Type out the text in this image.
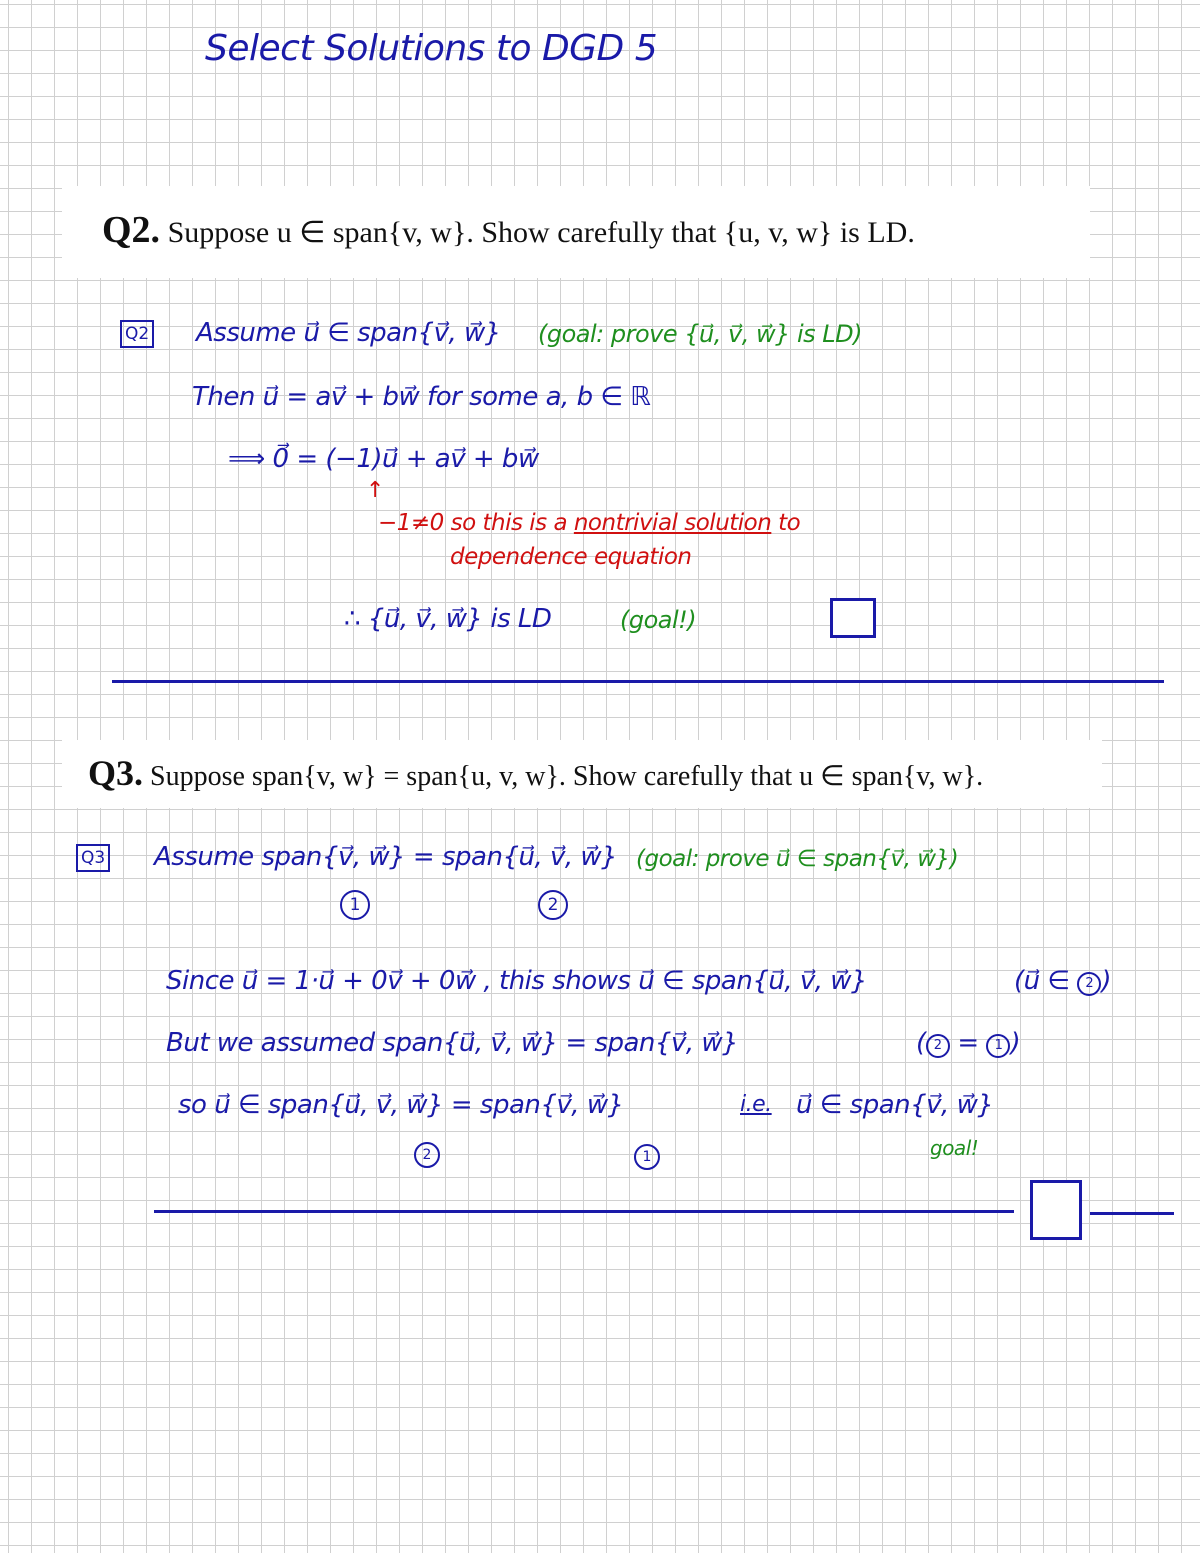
Select Solutions to DGD 5
Q2. Suppose u ∈ span{v, w}. Show carefully that {u, v, w} is LD.
Q2 Assume u⃗ ∈ span{v⃗, w⃗} (goal: prove {u⃗, v⃗, w⃗} is LD)
Then u⃗ = av⃗ + bw⃗ for some a, b ∈ ℝ
⟹ 0⃗ = (−1)u⃗ + av⃗ + bw⃗
↑
−1≠0 so this is a nontrivial solution to
dependence equation
∴ {u⃗, v⃗, w⃗} is LD	(goal!)
Q3. Suppose span{v, w} = span{u, v, w}. Show carefully that u ∈ span{v, w}.
Q3 Assume span{v⃗, w⃗} = span{u⃗, v⃗, w⃗} (goal: prove u⃗ ∈ span{v⃗, w⃗})
1	2
Since u⃗ = 1·u⃗ + 0v⃗ + 0w⃗ , this shows u⃗ ∈ span{u⃗, v⃗, w⃗}	(u⃗ ∈ 2 )
But we assumed span{u⃗, v⃗, w⃗} = span{v⃗, w⃗}	( 2 = 1 )
so u⃗ ∈ span{u⃗, v⃗, w⃗} = span{v⃗, w⃗}	i.e. u⃗ ∈ span{v⃗, w⃗}
2	1	goal!
